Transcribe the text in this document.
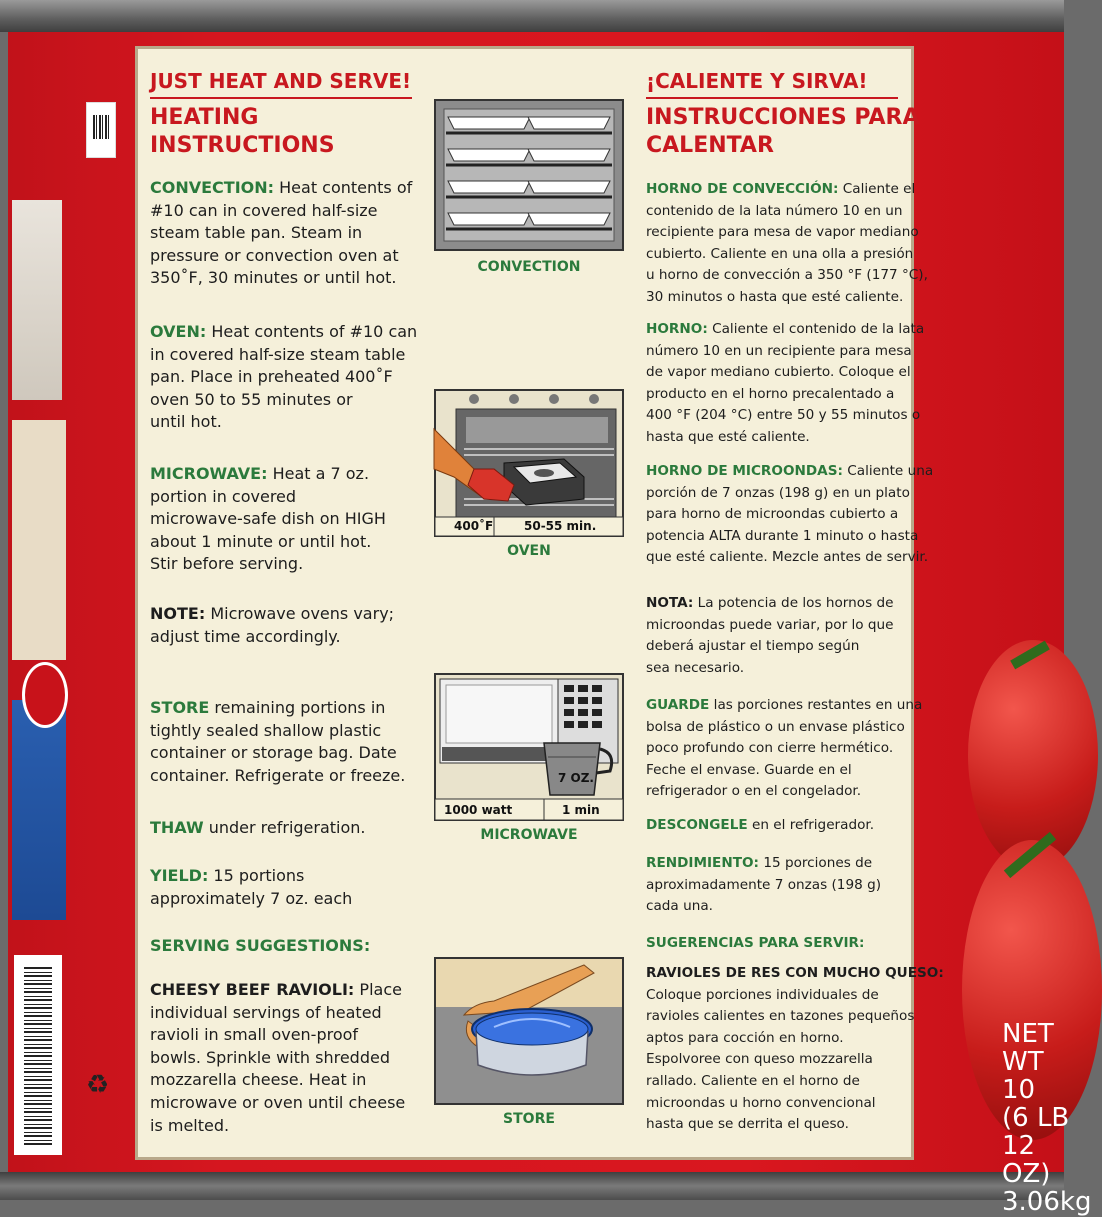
♻
NET WT 10
(6 LB 12 OZ)
3.06kg
JUST HEAT AND SERVE!
HEATING
INSTRUCTIONS
CONVECTION: Heat contents of
#10 can in covered half-size
steam table pan. Steam in
pressure or convection oven at
350˚F, 30 minutes or until hot.
OVEN: Heat contents of #10 can
in covered half-size steam table
pan. Place in preheated 400˚F
oven 50 to 55 minutes or
until hot.
MICROWAVE: Heat a 7 oz.
portion in covered
microwave-safe dish on HIGH
about 1 minute or until hot.
Stir before serving.
NOTE: Microwave ovens vary;
adjust time accordingly.
STORE remaining portions in
tightly sealed shallow plastic
container or storage bag. Date
container. Refrigerate or freeze.
THAW under refrigeration.
YIELD: 15 portions
approximately 7 oz. each
SERVING SUGGESTIONS:
CHEESY BEEF RAVIOLI: Place
individual servings of heated
ravioli in small oven-proof
bowls. Sprinkle with shredded
mozzarella cheese. Heat in
microwave or oven until cheese
is melted.
CONVECTION
400˚F	50-55 min.
OVEN
7 OZ.
1000 watt	1 min
MICROWAVE
STORE
¡CALIENTE Y SIRVA!
INSTRUCCIONES PARA
CALENTAR
HORNO DE CONVECCIÓN: Caliente el
contenido de la lata número 10 en un
recipiente para mesa de vapor mediano
cubierto. Caliente en una olla a presión
u horno de convección a 350 °F (177 °C),
30 minutos o hasta que esté caliente.
HORNO: Caliente el contenido de la lata
número 10 en un recipiente para mesa
de vapor mediano cubierto. Coloque el
producto en el horno precalentado a
400 °F (204 °C) entre 50 y 55 minutos o
hasta que esté caliente.
HORNO DE MICROONDAS: Caliente una
porción de 7 onzas (198 g) en un plato
para horno de microondas cubierto a
potencia ALTA durante 1 minuto o hasta
que esté caliente. Mezcle antes de servir.
NOTA: La potencia de los hornos de
microondas puede variar, por lo que
deberá ajustar el tiempo según
sea necesario.
GUARDE las porciones restantes en una
bolsa de plástico o un envase plástico
poco profundo con cierre hermético.
Feche el envase. Guarde en el
refrigerador o en el congelador.
DESCONGELE en el refrigerador.
RENDIMIENTO: 15 porciones de
aproximadamente 7 onzas (198 g)
cada una.
SUGERENCIAS PARA SERVIR:
RAVIOLES DE RES CON MUCHO QUESO:
Coloque porciones individuales de
ravioles calientes en tazones pequeños
aptos para cocción en horno.
Espolvoree con queso mozzarella
rallado. Caliente en el horno de
microondas u horno convencional
hasta que se derrita el queso.
